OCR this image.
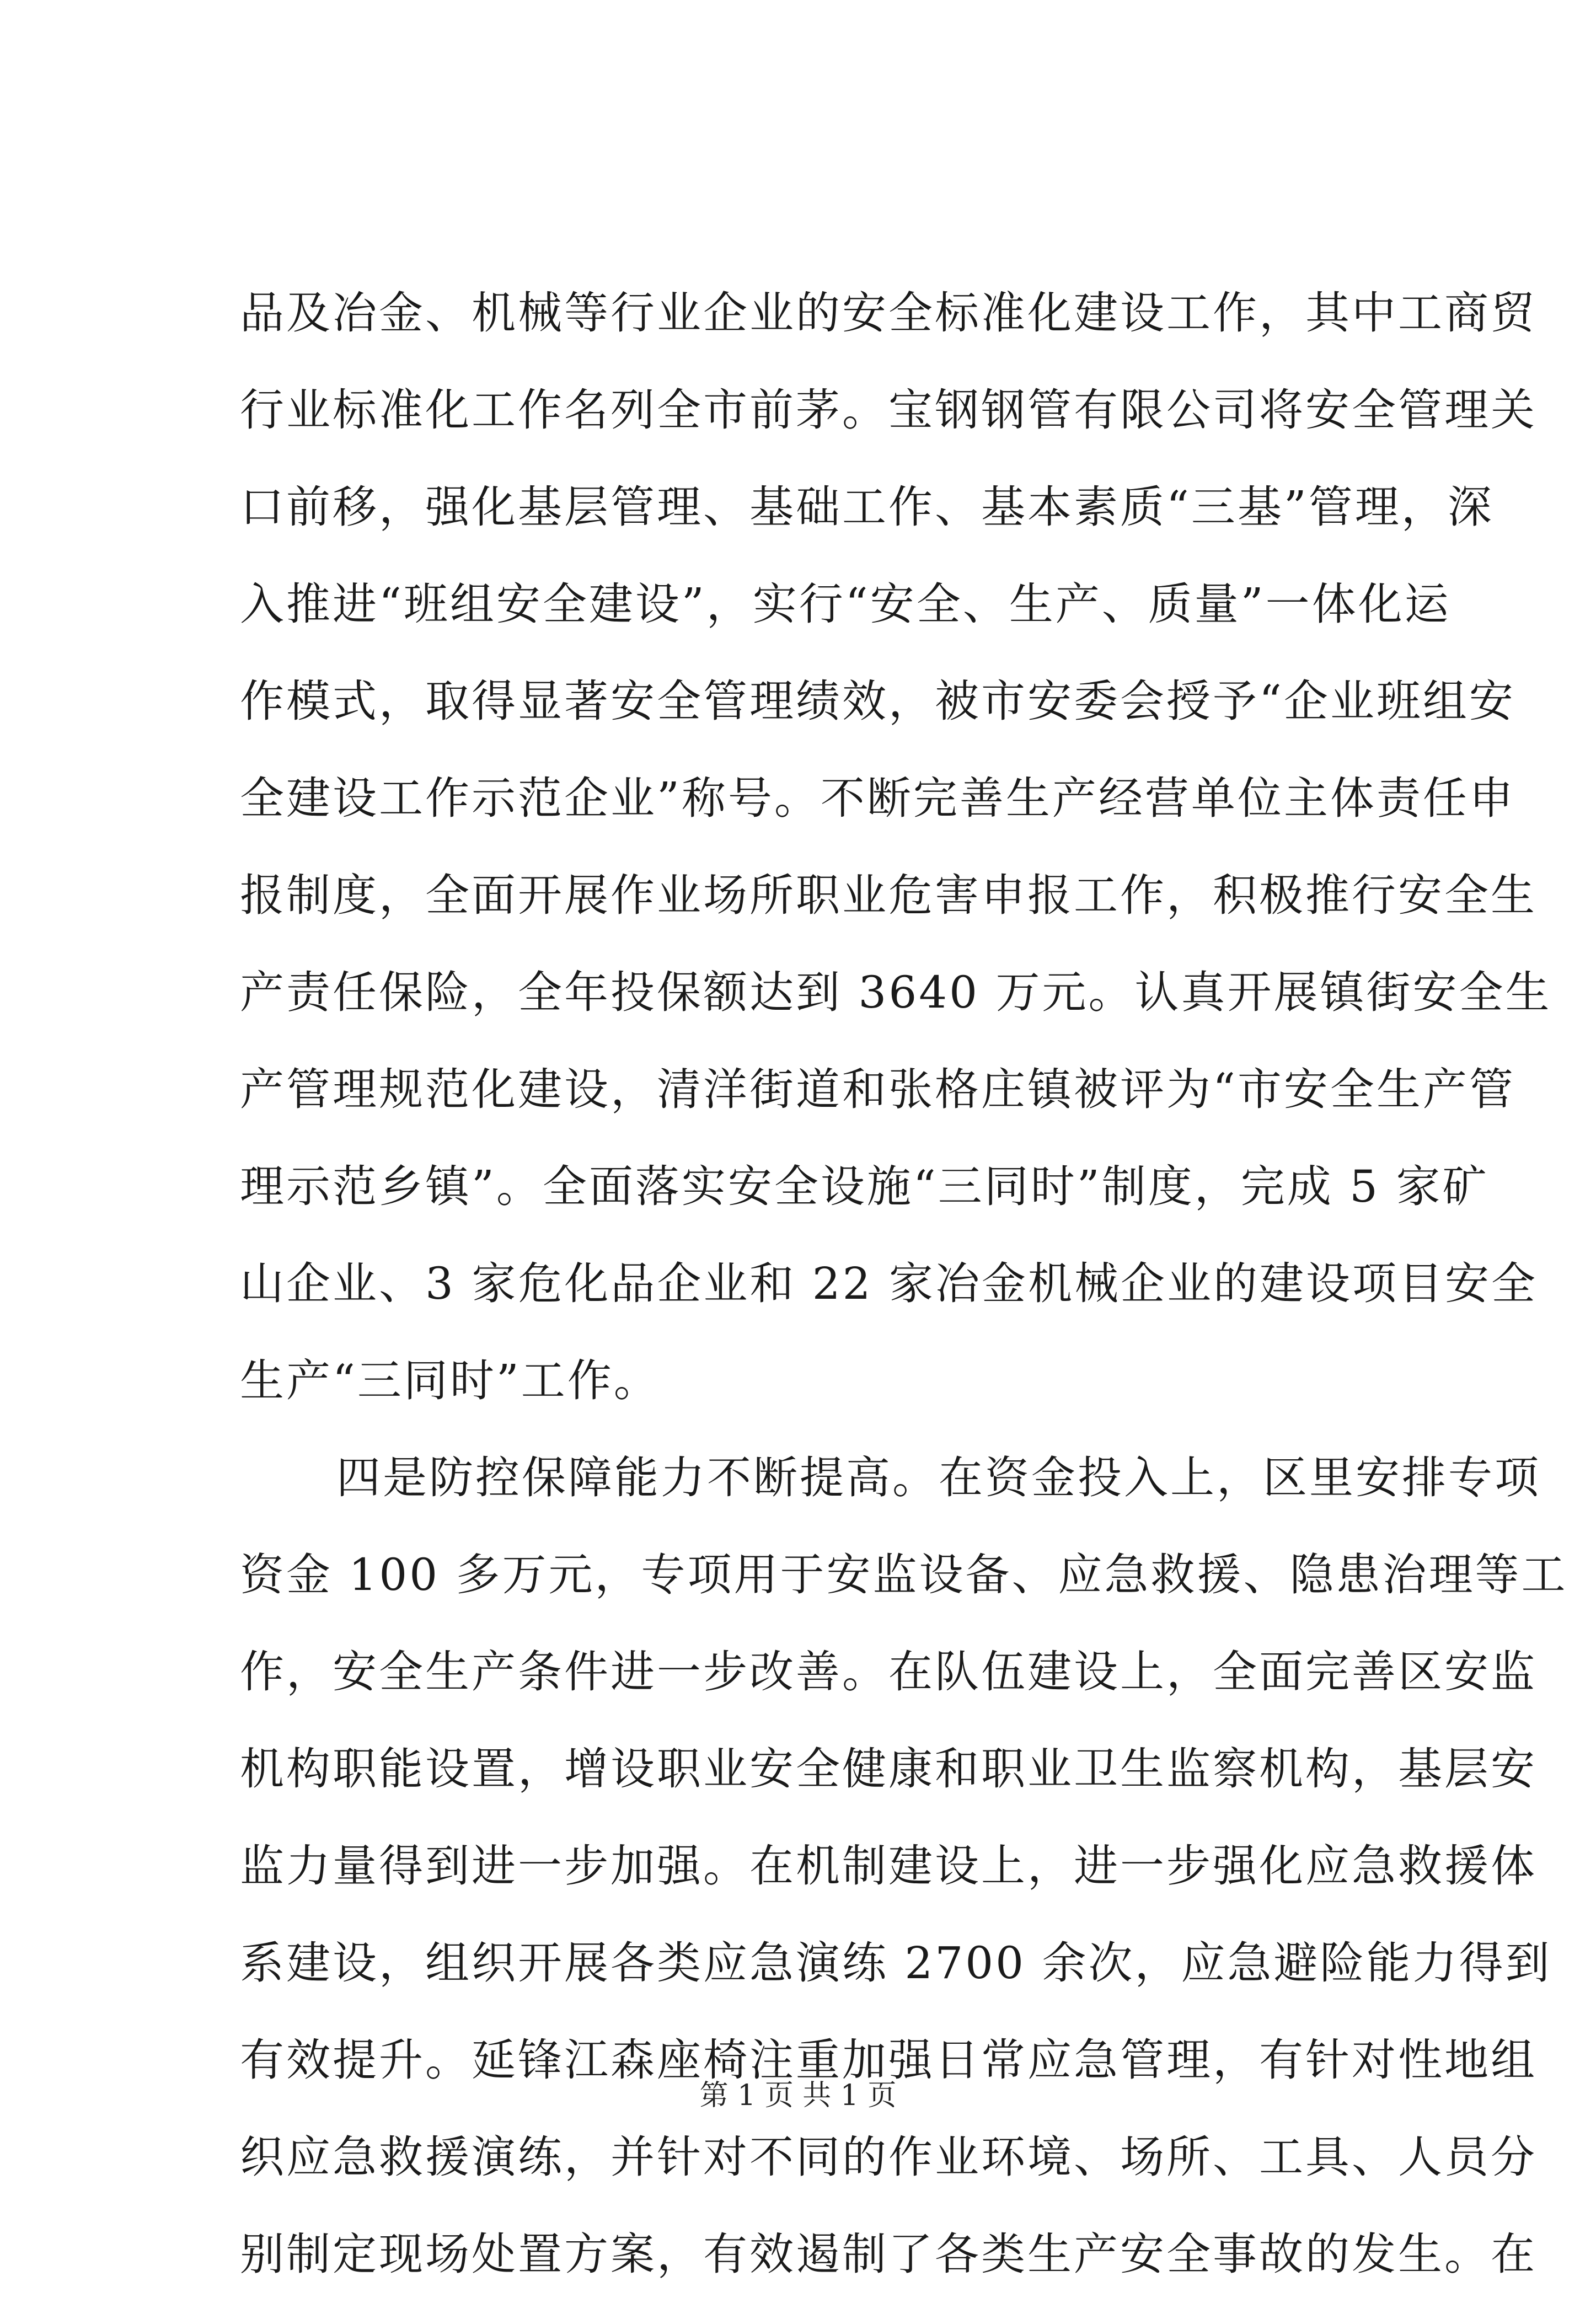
品及冶金、机械等行业企业的安全标准化建设工作，其中工商贸
行业标准化工作名列全市前茅。宝钢钢管有限公司将安全管理关
口前移，强化基层管理、基础工作、基本素质“三基”管理，深
入推进“班组安全建设”，实行“安全、生产、质量”一体化运
作模式，取得显著安全管理绩效，被市安委会授予“企业班组安
全建设工作示范企业”称号。不断完善生产经营单位主体责任申
报制度，全面开展作业场所职业危害申报工作，积极推行安全生
产责任保险，全年投保额达到 3640 万元。认真开展镇街安全生
产管理规范化建设，清洋街道和张格庄镇被评为“市安全生产管
理示范乡镇”。全面落实安全设施“三同时”制度，完成 5 家矿
山企业、3 家危化品企业和 22 家冶金机械企业的建设项目安全
生产“三同时”工作。
四是防控保障能力不断提高。在资金投入上，区里安排专项
资金 100 多万元，专项用于安监设备、应急救援、隐患治理等工
作，安全生产条件进一步改善。在队伍建设上，全面完善区安监
机构职能设置，增设职业安全健康和职业卫生监察机构，基层安
监力量得到进一步加强。在机制建设上，进一步强化应急救援体
系建设，组织开展各类应急演练 2700 余次，应急避险能力得到
有效提升。延锋江森座椅注重加强日常应急管理，有针对性地组
织应急救援演练，并针对不同的作业环境、场所、工具、人员分
别制定现场处置方案，有效遏制了各类生产安全事故的发生。在
第 1 页 共 1 页
